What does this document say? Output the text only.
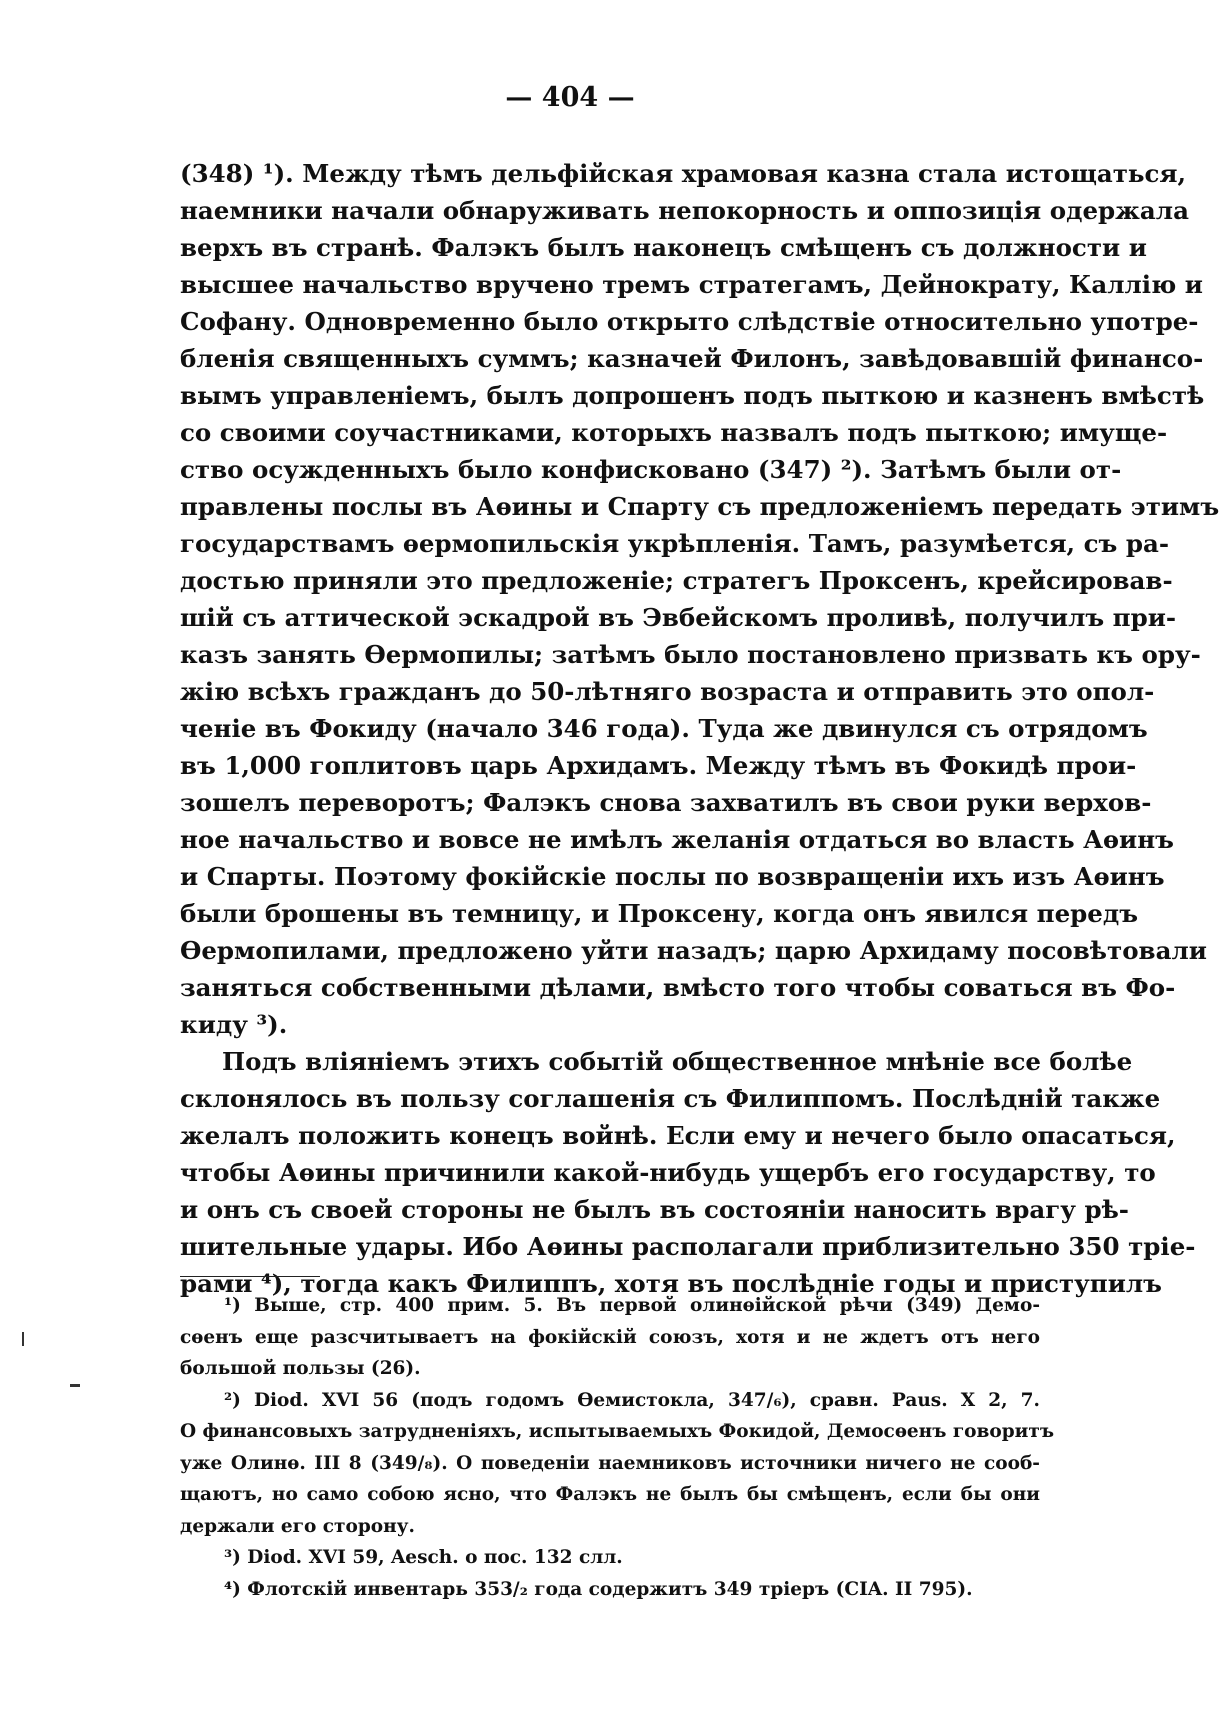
— 404 —
(348) ¹). Между тѣмъ дельфійская храмовая казна стала истощаться,
наемники начали обнаруживать непокорность и оппозиція одержала
верхъ въ странѣ. Фалэкъ былъ наконецъ смѣщенъ съ должности и
высшее начальство вручено тремъ стратегамъ, Дейнократу, Каллію и
Софану. Одновременно было открыто слѣдствіе относительно употре-
бленія священныхъ суммъ; казначей Филонъ, завѣдовавшій финансо-
вымъ управленіемъ, былъ допрошенъ подъ пыткою и казненъ вмѣстѣ
со своими соучастниками, которыхъ назвалъ подъ пыткою; имуще-
ство осужденныхъ было конфисковано (347) ²). Затѣмъ были от-
правлены послы въ Аѳины и Спарту съ предложеніемъ передать этимъ
государствамъ ѳермопильскія укрѣпленія. Тамъ, разумѣется, съ ра-
достью приняли это предложеніе; стратегъ Проксенъ, крейсировав-
шій съ аттической эскадрой въ Эвбейскомъ проливѣ, получилъ при-
казъ занять Ѳермопилы; затѣмъ было постановлено призвать къ ору-
жію всѣхъ гражданъ до 50-лѣтняго возраста и отправить это опол-
ченіе въ Фокиду (начало 346 года). Туда же двинулся съ отрядомъ
въ 1,000 гоплитовъ царь Архидамъ. Между тѣмъ въ Фокидѣ прои-
зошелъ переворотъ; Фалэкъ снова захватилъ въ свои руки верхов-
ное начальство и вовсе не имѣлъ желанія отдаться во власть Аѳинъ
и Спарты. Поэтому фокійскіе послы по возвращеніи ихъ изъ Аѳинъ
были брошены въ темницу, и Проксену, когда онъ явился передъ
Ѳермопилами, предложено уйти назадъ; царю Архидаму посовѣтовали
заняться собственными дѣлами, вмѣсто того чтобы соваться въ Фо-
киду ³).
Подъ вліяніемъ этихъ событій общественное мнѣніе все болѣе
склонялось въ пользу соглашенія съ Филиппомъ. Послѣдній также
желалъ положить конецъ войнѣ. Если ему и нечего было опасаться,
чтобы Аѳины причинили какой-нибудь ущербъ его государству, то
и онъ съ своей стороны не былъ въ состояніи наносить врагу рѣ-
шительные удары. Ибо Аѳины располагали приблизительно 350 тріе-
рами ⁴), тогда какъ Филиппъ, хотя въ послѣдніе годы и приступилъ
¹) Выше, стр. 400 прим. 5. Въ первой олинѳійской рѣчи (349) Демо-
сѳенъ еще разсчитываетъ на фокійскій союзъ, хотя и не ждетъ отъ него
большой пользы (26).
²) Diod. XVI 56 (подъ годомъ Ѳемистокла, 347/₆), сравн. Paus. X 2, 7.
О финансовыхъ затрудненіяхъ, испытываемыхъ Фокидой, Демосѳенъ говоритъ
уже Олинѳ. III 8 (349/₈). О поведеніи наемниковъ источники ничего не сооб-
щаютъ, но само собою ясно, что Фалэкъ не былъ бы смѣщенъ, если бы они
держали его сторону.
³) Diod. XVI 59, Aesch. о пос. 132 слл.
⁴) Флотскій инвентарь 353/₂ года содержитъ 349 тріеръ (CIA. II 795).
